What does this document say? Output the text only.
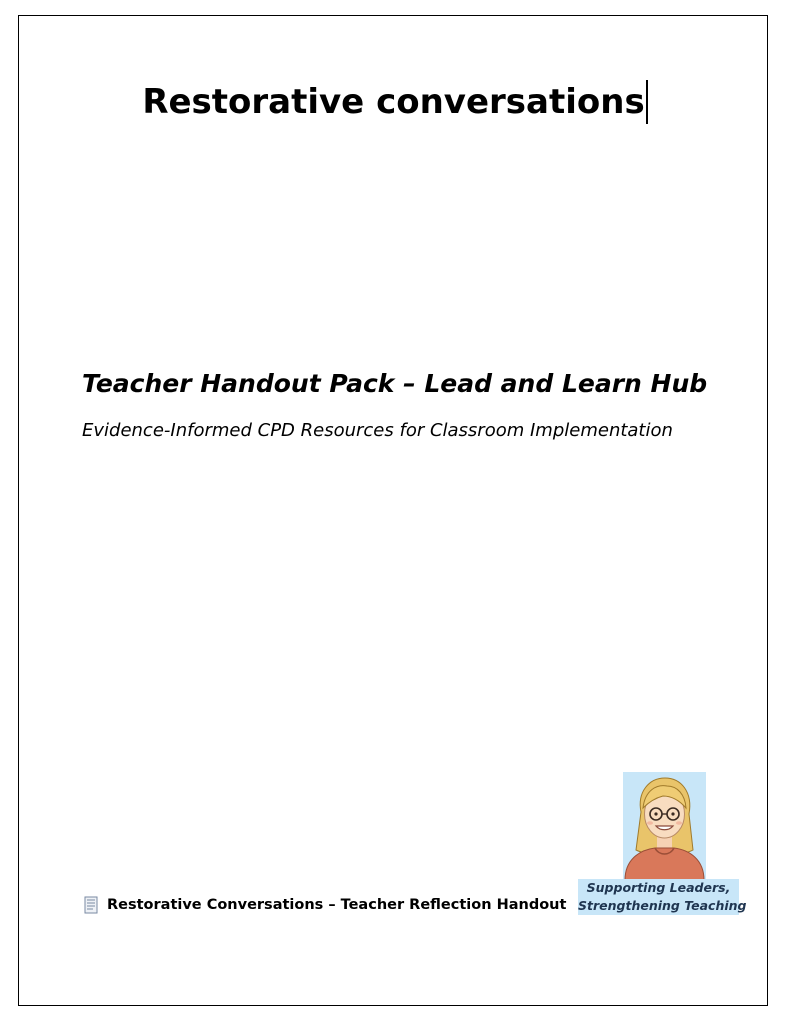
Restorative conversations
Teacher Handout Pack – Lead and Learn Hub
Evidence-Informed CPD Resources for Classroom Implementation
Restorative Conversations – Teacher Reflection Handout
Supporting Leaders,
Strengthening Teaching
